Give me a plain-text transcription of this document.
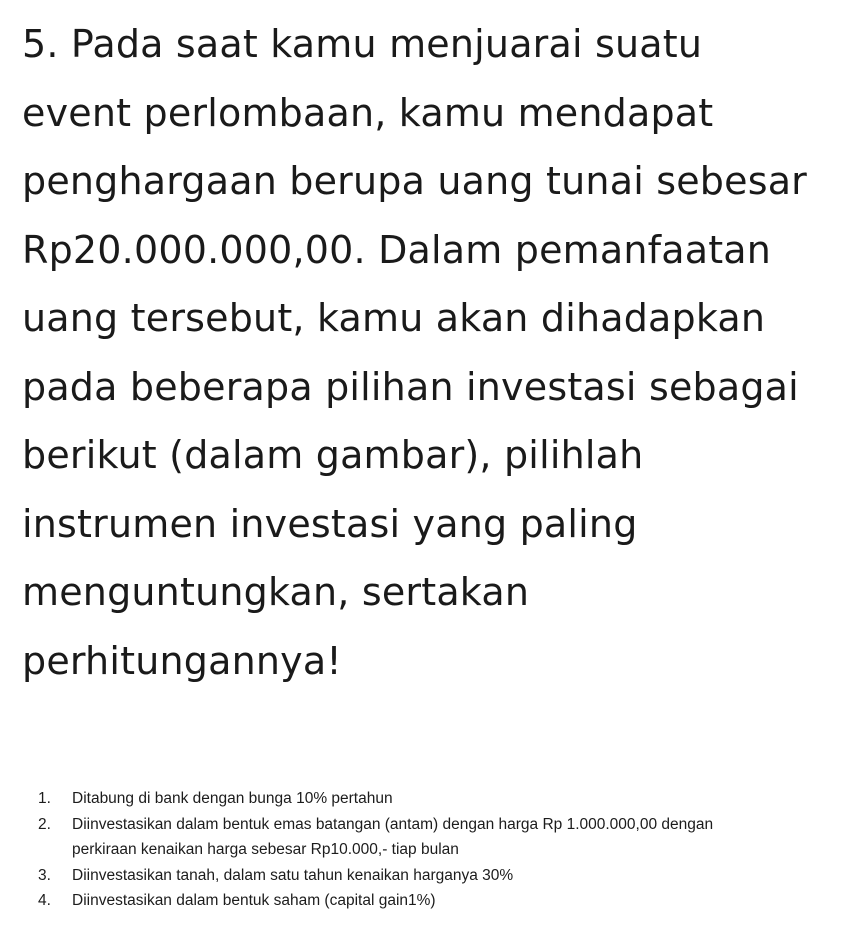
5. Pada saat kamu menjuarai suatu
event perlombaan, kamu mendapat
penghargaan berupa uang tunai sebesar
Rp20.000.000,00. Dalam pemanfaatan
uang tersebut, kamu akan dihadapkan
pada beberapa pilihan investasi sebagai
berikut (dalam gambar), pilihlah
instrumen investasi yang paling
menguntungkan, sertakan
perhitungannya!
1.	Ditabung di bank dengan bunga 10% pertahun
2.	Diinvestasikan dalam bentuk emas batangan (antam) dengan harga Rp 1.000.000,00 dengan
perkiraan kenaikan harga sebesar Rp10.000,- tiap bulan
3.	Diinvestasikan tanah, dalam satu tahun kenaikan harganya 30%
4.	Diinvestasikan dalam bentuk saham (capital gain1%)
